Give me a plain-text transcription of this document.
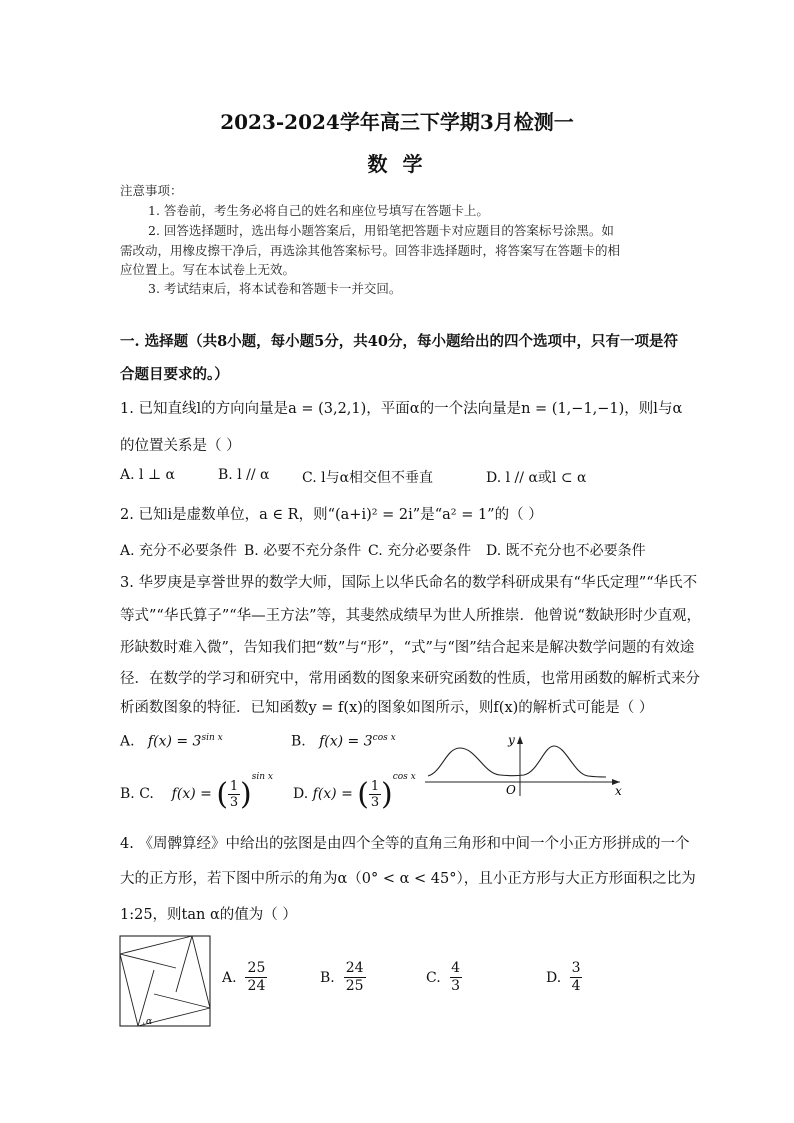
2023-2024学年高三下学期3月检测一
数 学
注意事项：
1. 答卷前，考生务必将自己的姓名和座位号填写在答题卡上。
2. 回答选择题时，选出每小题答案后，用铅笔把答题卡对应题目的答案标号涂黑。如
需改动，用橡皮擦干净后，再选涂其他答案标号。回答非选择题时，将答案写在答题卡的相
应位置上。写在本试卷上无效。
3. 考试结束后，将本试卷和答题卡一并交回。
一. 选择题（共8小题，每小题5分，共40分，每小题给出的四个选项中，只有一项是符
合题目要求的。）
1. 已知直线l的方向向量是a = (3,2,1)，平面α的一个法向量是n = (1,−1,−1)，则l与α
的位置关系是（ ）
A. l ⊥ α	B. l // α C. l与α相交但不垂直	D. l // α或l ⊂ α
2. 已知i是虚数单位，a ∈ R，则“(a+i)² = 2i”是“a² = 1”的（ ）
A. 充分不必要条件 B. 必要不充分条件 C. 充分必要条件 D. 既不充分也不必要条件
3. 华罗庚是享誉世界的数学大师，国际上以华氏命名的数学科研成果有“华氏定理”“华氏不
等式”“华氏算子”“华—王方法”等，其斐然成绩早为世人所推崇．他曾说“数缺形时少直观，
形缺数时难入微”，告知我们把“数”与“形”，“式”与“图”结合起来是解决数学问题的有效途
径．在数学的学习和研究中，常用函数的图象来研究函数的性质，也常用函数的解析式来分
析函数图象的特征．已知函数y = f(x)的图象如图所示，则f(x)的解析式可能是（ ）
A. $f(x) = 3^{sin x}$	B. $f(x) = 3^{cos x}$
B. C.
f(x) =
( 1
3 ) sin x
D.
f(x) =
( 1
3 ) cos x
y
x
O
4. 《周髀算经》中给出的弦图是由四个全等的直角三角形和中间一个小正方形拼成的一个
大的正方形，若下图中所示的角为α（0° < α < 45°），且小正方形与大正方形面积之比为
1:25，则tan α的值为（ ）
α
A.

25
24
B.

24
25
C.

4
3
D.

3
4
